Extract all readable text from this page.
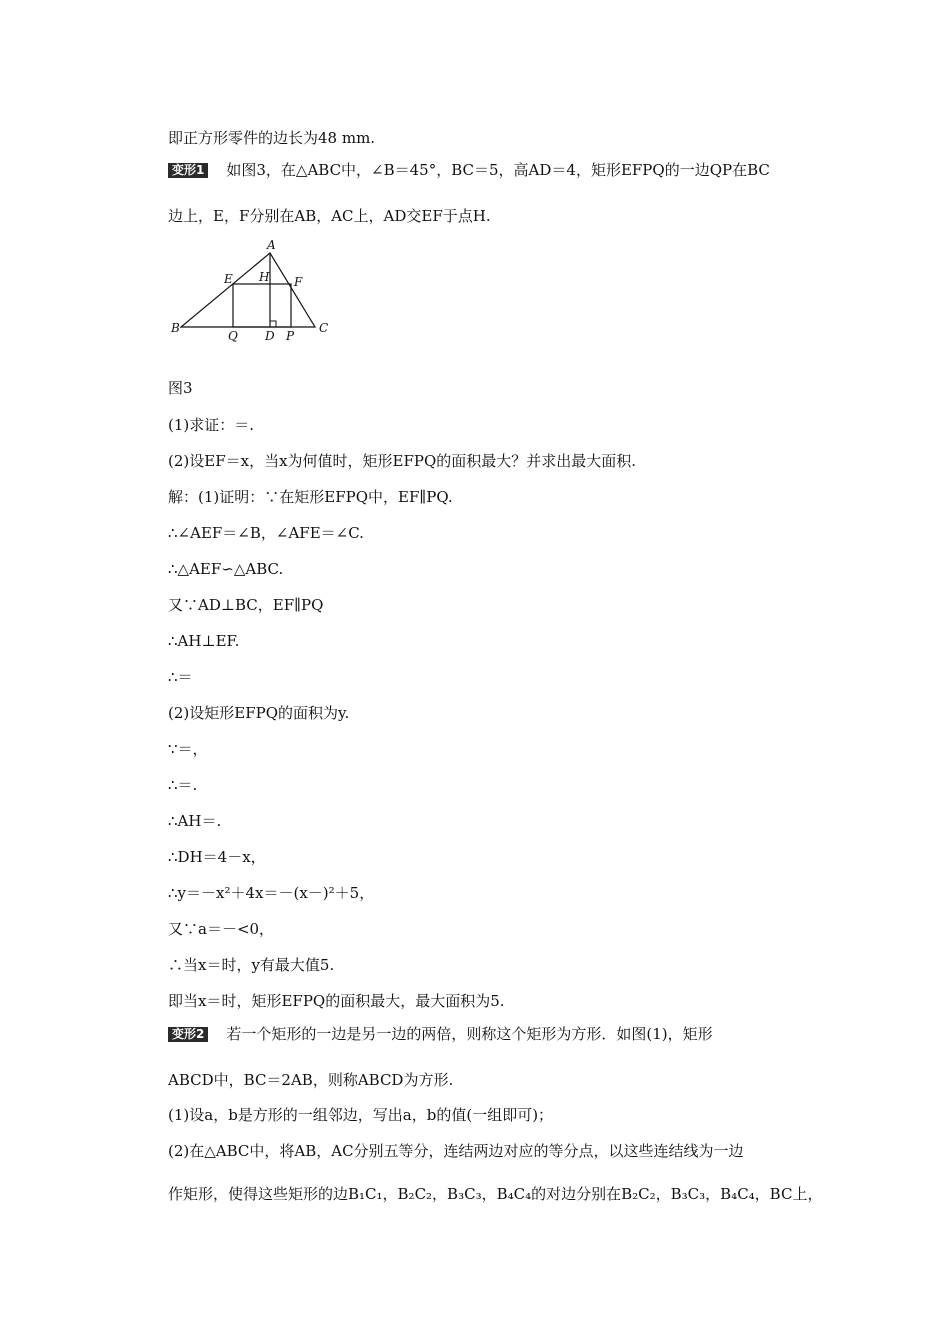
即正方形零件的边长为48 mm.
变形1 如图3，在△ABC中，∠B＝45°，BC＝5，高AD＝4，矩形EFPQ的一边QP在BC
边上，E，F分别在AB，AC上，AD交EF于点H.
A
B	C
D
E	F
H
P
Q
图3
(1)求证：＝.
(2)设EF＝x，当x为何值时，矩形EFPQ的面积最大？并求出最大面积.
解：(1)证明：∵在矩形EFPQ中，EF∥PQ.
∴∠AEF＝∠B，∠AFE＝∠C.
∴△AEF∽△ABC.
又∵AD⊥BC，EF∥PQ
∴AH⊥EF.
∴＝
(2)设矩形EFPQ的面积为y.
∵＝，
∴＝.
∴AH＝.
∴DH＝4－x，
∴y＝－x²＋4x＝－(x－)²＋5，
又∵a＝－<0，
∴当x＝时，y有最大值5.
即当x＝时，矩形EFPQ的面积最大，最大面积为5.
变形2 若一个矩形的一边是另一边的两倍，则称这个矩形为方形．如图(1)，矩形
ABCD中，BC＝2AB，则称ABCD为方形.
(1)设a，b是方形的一组邻边，写出a，b的值(一组即可)；
(2)在△ABC中，将AB，AC分别五等分，连结两边对应的等分点，以这些连结线为一边
作矩形，使得这些矩形的边B₁C₁，B₂C₂，B₃C₃，B₄C₄的对边分别在B₂C₂，B₃C₃，B₄C₄，BC上，
